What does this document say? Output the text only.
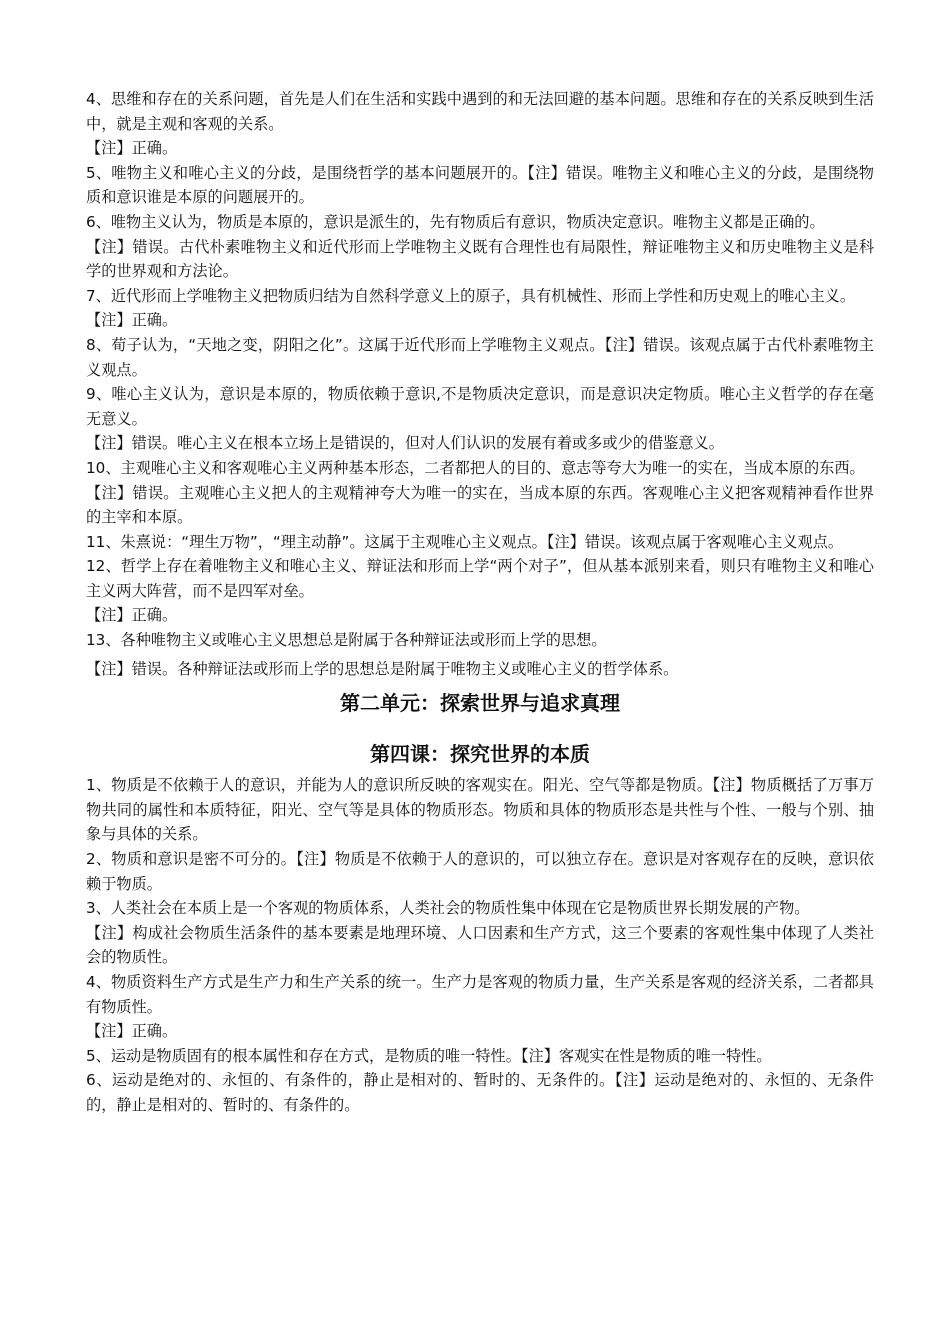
4、思维和存在的关系问题，首先是人们在生活和实践中遇到的和无法回避的基本问题。思维和存在的关系反映到生活中，就是主观和客观的关系。

【注】正确。

5、唯物主义和唯心主义的分歧，是围绕哲学的基本问题展开的。【注】错误。唯物主义和唯心主义的分歧，是围绕物质和意识谁是本原的问题展开的。

6、唯物主义认为，物质是本原的，意识是派生的，先有物质后有意识，物质决定意识。唯物主义都是正确的。

【注】错误。古代朴素唯物主义和近代形而上学唯物主义既有合理性也有局限性，辩证唯物主义和历史唯物主义是科学的世界观和方法论。

7、近代形而上学唯物主义把物质归结为自然科学意义上的原子，具有机械性、形而上学性和历史观上的唯心主义。

【注】正确。

8、荀子认为，“天地之变，阴阳之化”。这属于近代形而上学唯物主义观点。【注】错误。该观点属于古代朴素唯物主义观点。

9、唯心主义认为，意识是本原的，物质依赖于意识,不是物质决定意识，而是意识决定物质。唯心主义哲学的存在毫无意义。

【注】错误。唯心主义在根本立场上是错误的，但对人们认识的发展有着或多或少的借鉴意义。

10、主观唯心主义和客观唯心主义两种基本形态，二者都把人的目的、意志等夸大为唯一的实在，当成本原的东西。

【注】错误。主观唯心主义把人的主观精神夸大为唯一的实在，当成本原的东西。客观唯心主义把客观精神看作世界的主宰和本原。

11、朱熹说：“理生万物”，“理主动静”。这属于主观唯心主义观点。【注】错误。该观点属于客观唯心主义观点。

12、哲学上存在着唯物主义和唯心主义、辩证法和形而上学“两个对子”，但从基本派别来看，则只有唯物主义和唯心主义两大阵营，而不是四军对垒。

【注】正确。

13、各种唯物主义或唯心主义思想总是附属于各种辩证法或形而上学的思想。

【注】错误。各种辩证法或形而上学的思想总是附属于唯物主义或唯心主义的哲学体系。

第二单元：探索世界与追求真理
第四课：探究世界的本质

1、物质是不依赖于人的意识，并能为人的意识所反映的客观实在。阳光、空气等都是物质。【注】物质概括了万事万物共同的属性和本质特征，阳光、空气等是具体的物质形态。物质和具体的物质形态是共性与个性、一般与个别、抽象与具体的关系。

2、物质和意识是密不可分的。【注】物质是不依赖于人的意识的，可以独立存在。意识是对客观存在的反映，意识依赖于物质。

3、人类社会在本质上是一个客观的物质体系，人类社会的物质性集中体现在它是物质世界长期发展的产物。

【注】构成社会物质生活条件的基本要素是地理环境、人口因素和生产方式，这三个要素的客观性集中体现了人类社会的物质性。

4、物质资料生产方式是生产力和生产关系的统一。生产力是客观的物质力量，生产关系是客观的经济关系，二者都具有物质性。

【注】正确。

5、运动是物质固有的根本属性和存在方式，是物质的唯一特性。【注】客观实在性是物质的唯一特性。

6、运动是绝对的、永恒的、有条件的，静止是相对的、暂时的、无条件的。【注】运动是绝对的、永恒的、无条件的，静止是相对的、暂时的、有条件的。
